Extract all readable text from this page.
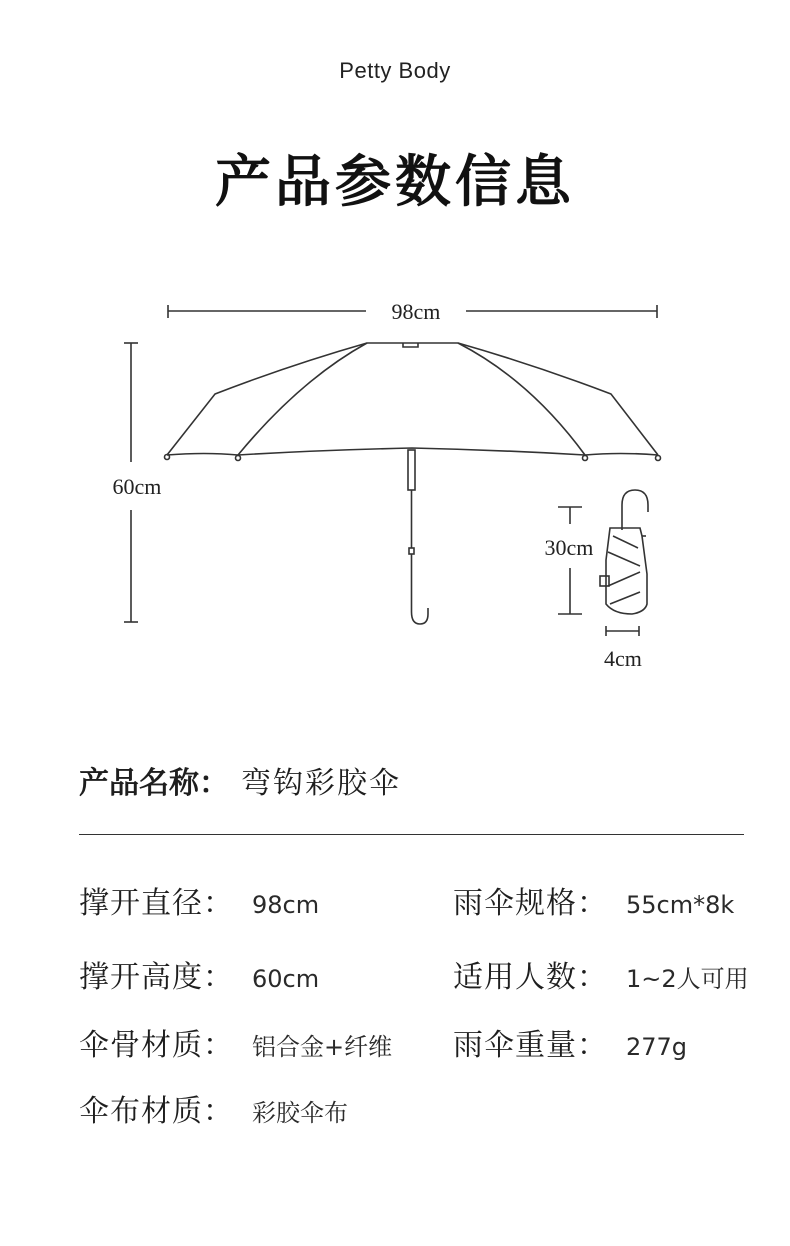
Petty Body
产品参数信息
98cm
60cm
30cm
4cm
产品名称： 弯钩彩胶伞
撑开直径： 98cm	雨伞规格： 55cm*8k
撑开高度： 60cm	适用人数： 1~2人可用
伞骨材质： 铝合金+纤维 雨伞重量： 277g
伞布材质： 彩胶伞布
